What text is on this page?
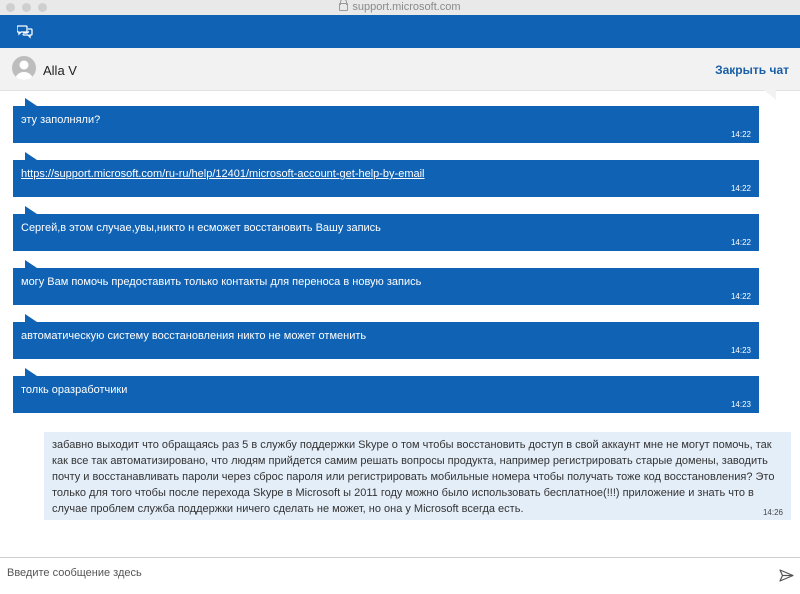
support.microsoft.com
Alla V	Закрыть чат
эту заполняли?
14:22
https://support.microsoft.com/ru-ru/help/12401/microsoft-account-get-help-by-email
14:22
Сергей,в этом случае,увы,никто н есможет восстановить Вашу запись
14:22
могу Вам помочь предоставить только контакты для переноса в новую запись
14:22
автоматическую систему восстановления никто не может отменить
14:23
толкь оразработчики
14:23
забавно выходит что обращаясь раз 5 в службу поддержки Skype о том чтобы восстановить доступ в свой аккаунт мне не могут помочь, так как все так автоматизировано, что людям прийдется самим решать вопросы продукта, например регистрировать старые домены, заводить почту и восстанавливать пароли через сброс пароля или регистрировать мобильные номера чтобы получать тоже код восстановления? Это только для того чтобы после перехода Skype в Microsoft ы 2011 году можно было использовать бесплатное(!!!) приложение и знать что в случае проблем служба поддержки ничего сделать не может, но она у Microsoft всегда есть.	14:26
Введите сообщение здесь
